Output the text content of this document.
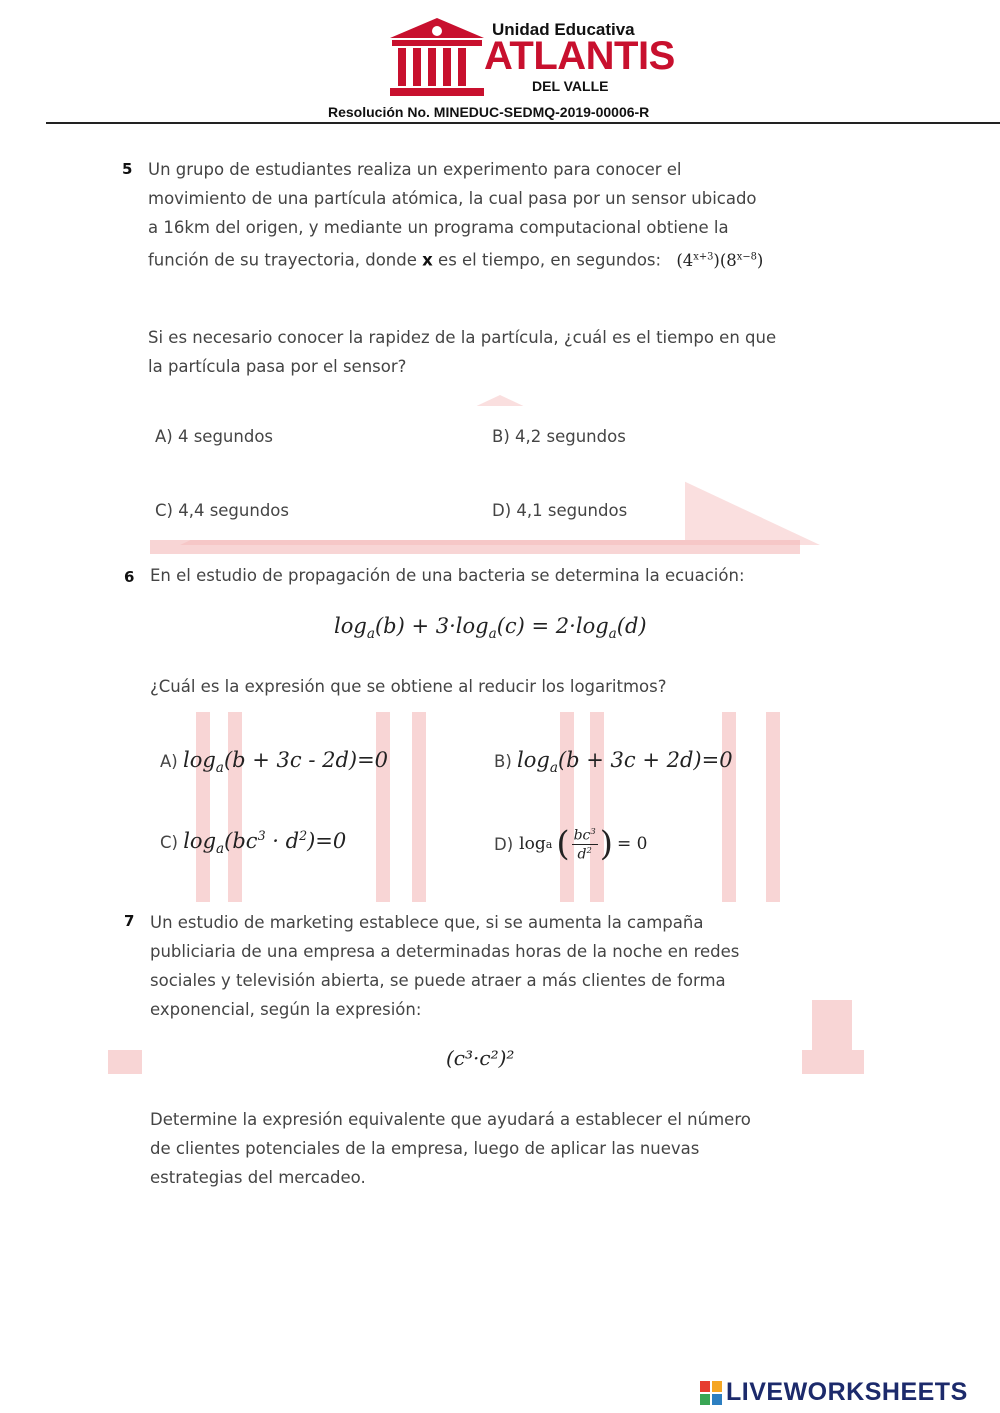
Unidad Educativa
ATLANTIS
DEL VALLE
Resolución No. MINEDUC-SEDMQ-2019-00006-R
5 Un grupo de estudiantes realiza un experimento para conocer el
movimiento de una partícula atómica, la cual pasa por un sensor ubicado
a 16km del origen, y mediante un programa computacional obtiene la
función de su trayectoria, donde x es el tiempo, en segundos: $(4^{x+3})(8^{x-8})$
Si es necesario conocer la rapidez de la partícula, ¿cuál es el tiempo en que
la partícula pasa por el sensor?
A) 4 segundos	B) 4,2 segundos
C) 4,4 segundos	D) 4,1 segundos
6 En el estudio de propagación de una bacteria se determina la ecuación:
$\log_a(b) + 3\cdot\log_a(c) = 2\cdot\log_a(d)$
¿Cuál es la expresión que se obtiene al reducir los logaritmos?
A) $\log_a(b + 3c - 2d)=0$	B) $\log_a(b + 3c + 2d)=0$
C) $\log_a(bc^3 \cdot d^2)=0$	D) log a ( $bc^3$
$d^2$ ) = 0
7 Un estudio de marketing establece que, si se aumenta la campaña
publiciaria de una empresa a determinadas horas de la noche en redes
sociales y televisión abierta, se puede atraer a más clientes de forma
exponencial, según la expresión:
(c³·c²)²
Determine la expresión equivalente que ayudará a establecer el número
de clientes potenciales de la empresa, luego de aplicar las nuevas
estrategias del mercadeo.
LIVEWORKSHEETS
